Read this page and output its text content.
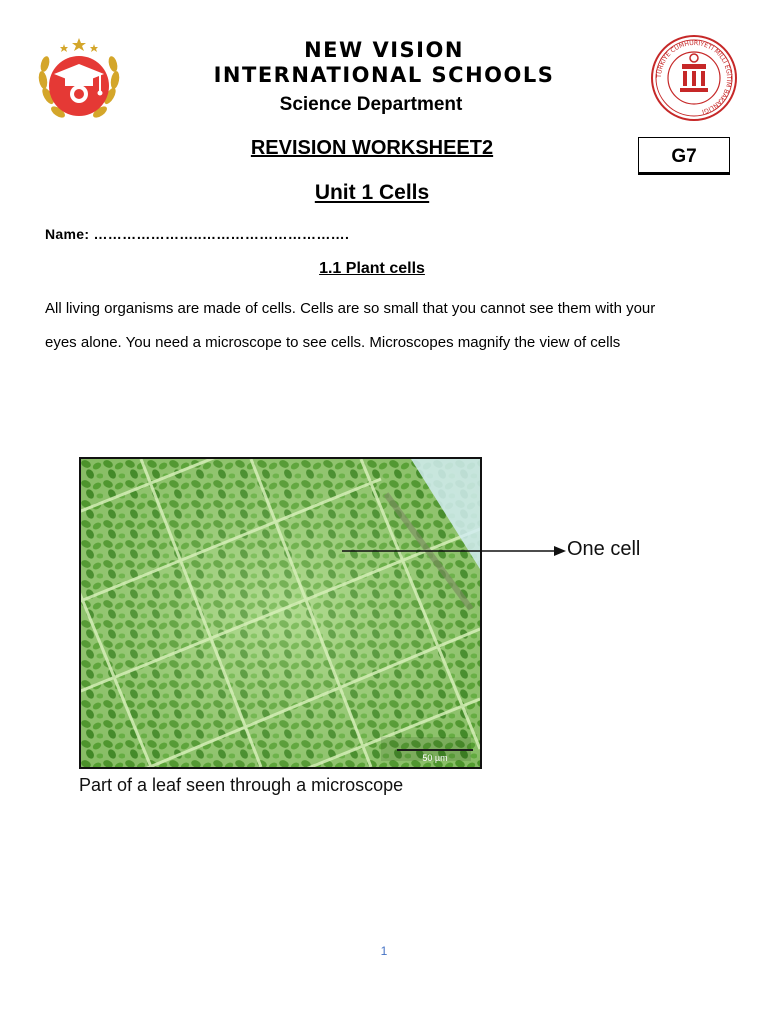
TÜRKİYE CUMHURİYETİ MİLLÎ EĞİTİM BAKANLIĞI
NEW VISION
INTERNATIONAL SCHOOLS
Science Department
REVISION WORKSHEET2	G7
Unit 1 Cells
Name: …………………..………………………….
1.1 Plant cells
All living organisms are made of cells. Cells are so small that you cannot see them with your eyes alone. You need a microscope to see cells. Microscopes magnify the view of cells
50 µm
One cell
Part of a leaf seen through a microscope
1
